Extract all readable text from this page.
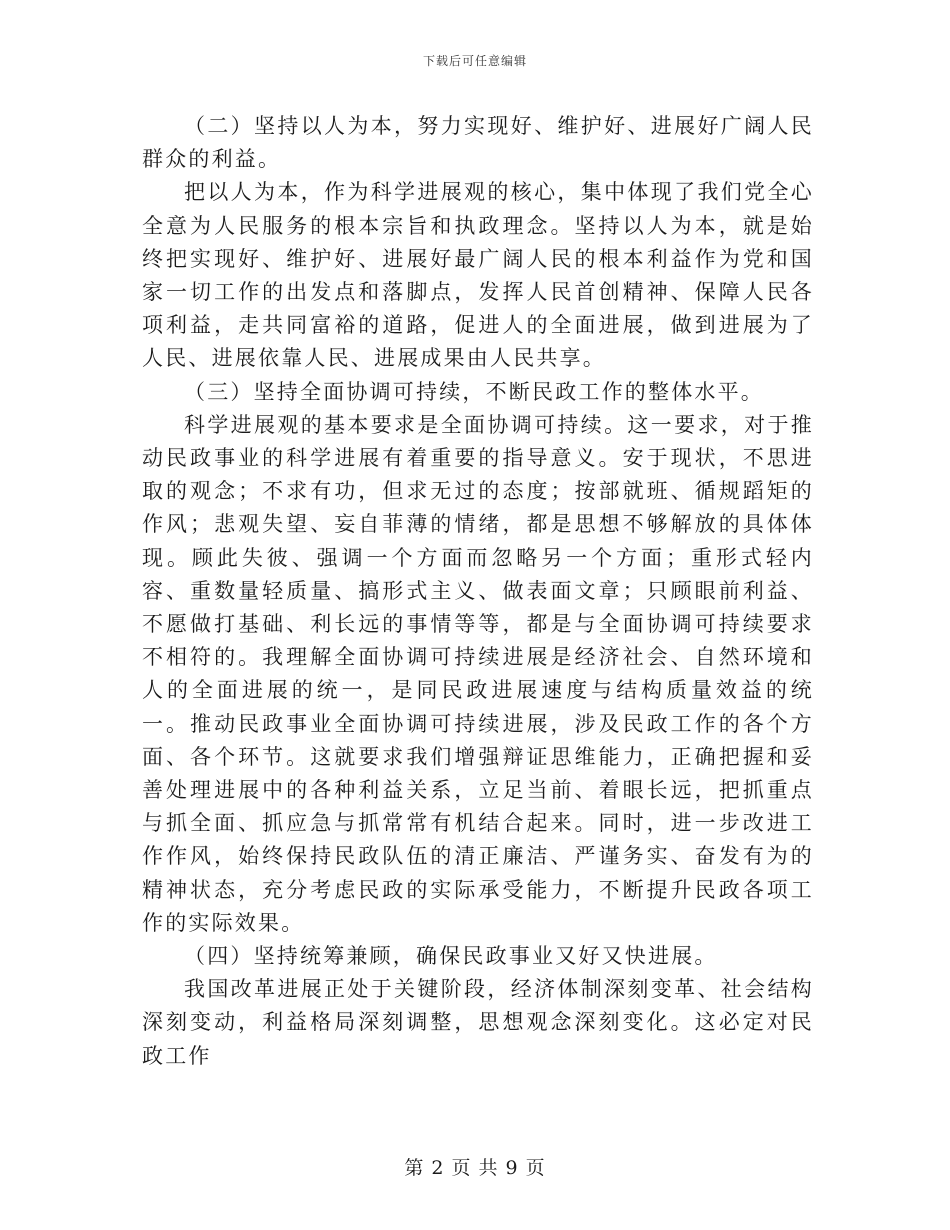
下载后可任意编辑

（二）坚持以人为本，努力实现好、维护好、进展好广阔人民群众的利益。

把以人为本，作为科学进展观的核心，集中体现了我们党全心全意为人民服务的根本宗旨和执政理念。坚持以人为本，就是始终把实现好、维护好、进展好最广阔人民的根本利益作为党和国家一切工作的出发点和落脚点，发挥人民首创精神、保障人民各项利益，走共同富裕的道路，促进人的全面进展，做到进展为了人民、进展依靠人民、进展成果由人民共享。

（三）坚持全面协调可持续，不断民政工作的整体水平。

科学进展观的基本要求是全面协调可持续。这一要求，对于推动民政事业的科学进展有着重要的指导意义。安于现状，不思进取的观念；不求有功，但求无过的态度；按部就班、循规蹈矩的作风；悲观失望、妄自菲薄的情绪，都是思想不够解放的具体体现。顾此失彼、强调一个方面而忽略另一个方面；重形式轻内容、重数量轻质量、搞形式主义、做表面文章；只顾眼前利益、不愿做打基础、利长远的事情等等，都是与全面协调可持续要求不相符的。我理解全面协调可持续进展是经济社会、自然环境和人的全面进展的统一，是同民政进展速度与结构质量效益的统一。推动民政事业全面协调可持续进展，涉及民政工作的各个方面、各个环节。这就要求我们增强辩证思维能力，正确把握和妥善处理进展中的各种利益关系，立足当前、着眼长远，把抓重点与抓全面、抓应急与抓常常有机结合起来。同时，进一步改进工作作风，始终保持民政队伍的清正廉洁、严谨务实、奋发有为的精神状态，充分考虑民政的实际承受能力，不断提升民政各项工作的实际效果。

（四）坚持统筹兼顾，确保民政事业又好又快进展。

我国改革进展正处于关键阶段，经济体制深刻变革、社会结构深刻变动，利益格局深刻调整，思想观念深刻变化。这必定对民政工作

第 2 页 共 9 页
